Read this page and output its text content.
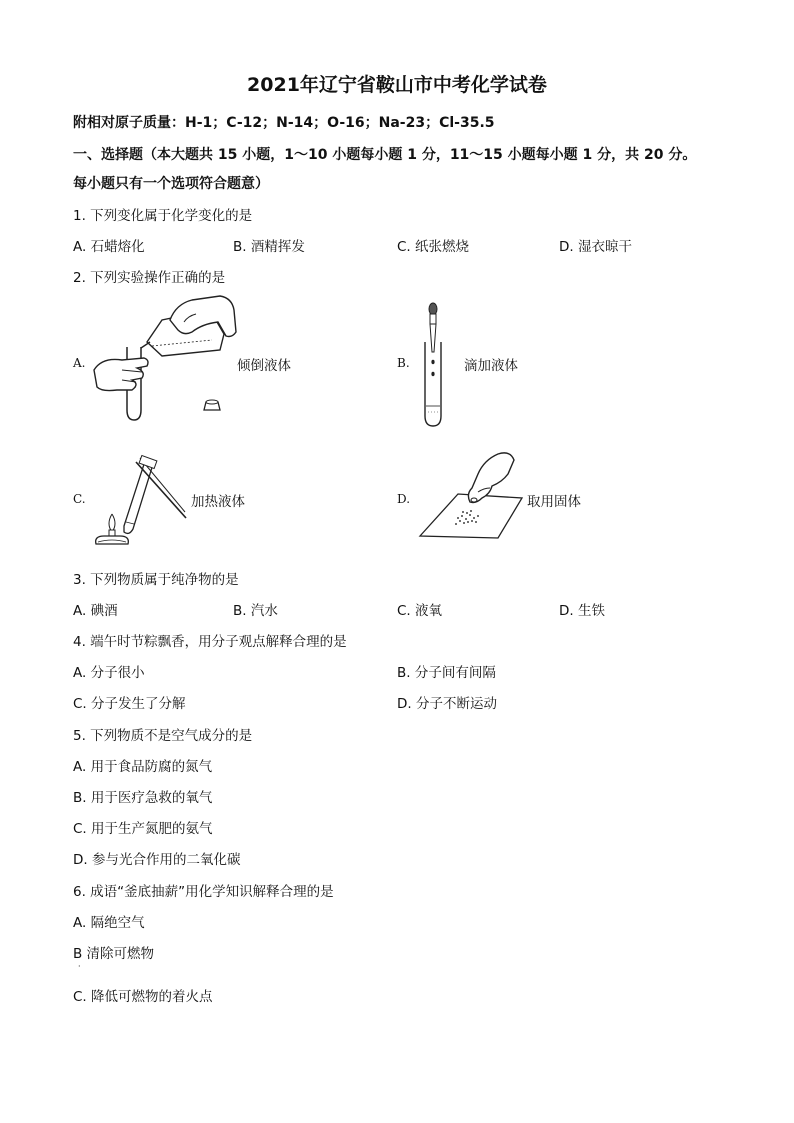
2021年辽宁省鞍山市中考化学试卷
附相对原子质量：H-1；C-12；N-14；O-16；Na-23；Cl-35.5
一、选择题（本大题共 15 小题，1～10 小题每小题 1 分，11～15 小题每小题 1 分，共 20 分。
每小题只有一个选项符合题意）
1. 下列变化属于化学变化的是
A. 石蜡熔化	B. 酒精挥发	C. 纸张燃烧	D. 湿衣晾干
2. 下列实验操作正确的是
A.	倾倒液体	B.	滴加液体
C.	加热液体	D.	取用固体
3. 下列物质属于纯净物的是
A. 碘酒	B. 汽水	C. 液氧	D. 生铁
4. 端午时节粽飘香，用分子观点解释合理的是
A. 分子很小	B. 分子间有间隔
C. 分子发生了分解	D. 分子不断运动
5. 下列物质不是空气成分的是
A. 用于食品防腐的氮气
B. 用于医疗急救的氧气
C. 用于生产氮肥的氨气
D. 参与光合作用的二氧化碳
6. 成语“釜底抽薪”用化学知识解释合理的是
A. 隔绝空气
B 清除可燃物
·
C. 降低可燃物的着火点
